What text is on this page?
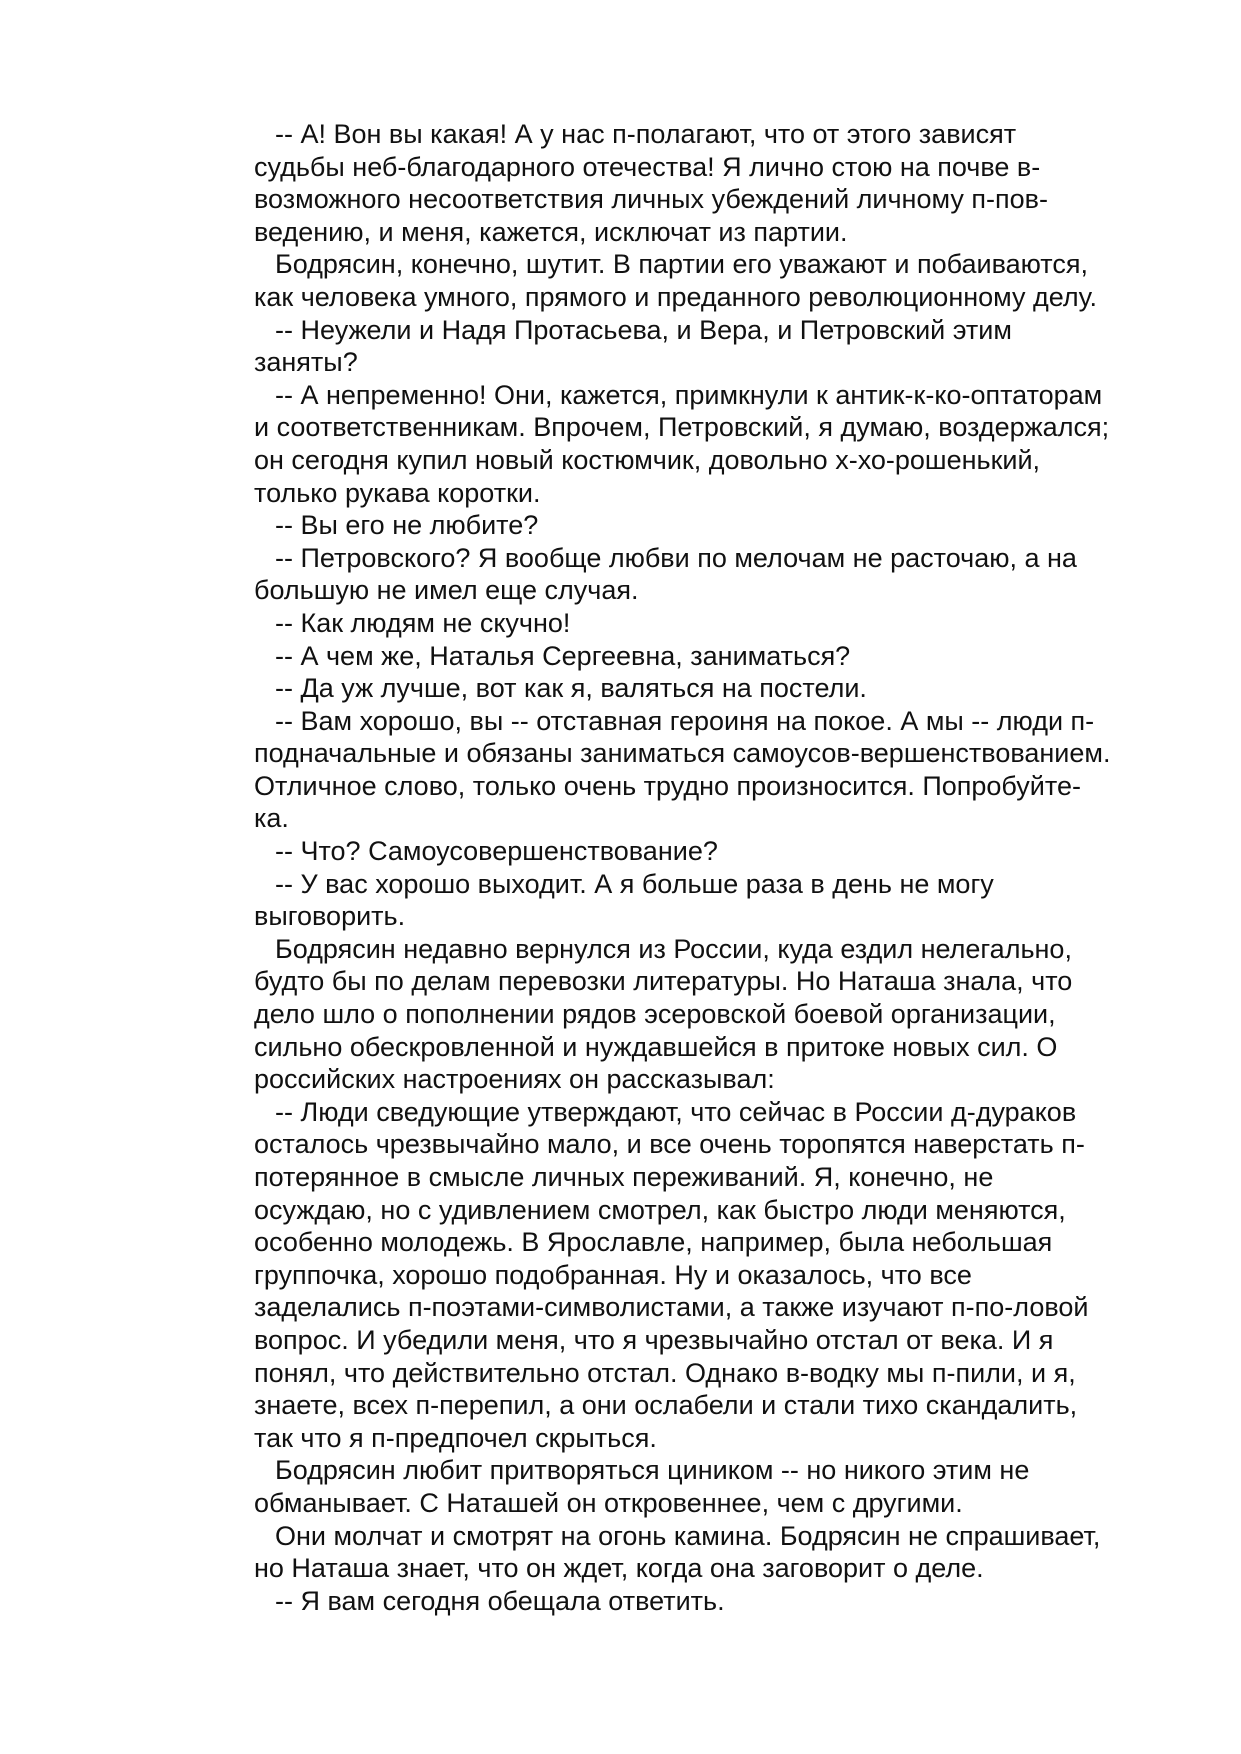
-- А! Вон вы какая! А у нас п-полагают, что от этого зависят
судьбы неб-благодарного отечества! Я лично стою на почве в-
возможного несоответствия личных убеждений личному п-пов-
ведению, и меня, кажется, исключат из партии.

Бодрясин, конечно, шутит. В партии его уважают и побаиваются,
как человека умного, прямого и преданного революционному делу.

-- Неужели и Надя Протасьева, и Вера, и Петровский этим
заняты?

-- А непременно! Они, кажется, примкнули к антик-к-ко-оптаторам
и соответственникам. Впрочем, Петровский, я думаю, воздержался;
он сегодня купил новый костюмчик, довольно х-хо-рошенький,
только рукава коротки.

-- Вы его не любите?

-- Петровского? Я вообще любви по мелочам не расточаю, а на
большую не имел еще случая.

-- Как людям не скучно!

-- А чем же, Наталья Сергеевна, заниматься?

-- Да уж лучше, вот как я, валяться на постели.

-- Вам хорошо, вы -- отставная героиня на покое. А мы -- люди п-
подначальные и обязаны заниматься самоусов-вершенствованием.
Отличное слово, только очень трудно произносится. Попробуйте-
ка.

-- Что? Самоусовершенствование?

-- У вас хорошо выходит. А я больше раза в день не могу
выговорить.

Бодрясин недавно вернулся из России, куда ездил нелегально,
будто бы по делам перевозки литературы. Но Наташа знала, что
дело шло о пополнении рядов эсеровской боевой организации,
сильно обескровленной и нуждавшейся в притоке новых сил. О
российских настроениях он рассказывал:

-- Люди сведующие утверждают, что сейчас в России д-дураков
осталось чрезвычайно мало, и все очень торопятся наверстать п-
потерянное в смысле личных переживаний. Я, конечно, не
осуждаю, но с удивлением смотрел, как быстро люди меняются,
особенно молодежь. В Ярославле, например, была небольшая
группочка, хорошо подобранная. Ну и оказалось, что все
заделались п-поэтами-символистами, а также изучают п-по-ловой
вопрос. И убедили меня, что я чрезвычайно отстал от века. И я
понял, что действительно отстал. Однако в-водку мы п-пили, и я,
знаете, всех п-перепил, а они ослабели и стали тихо скандалить,
так что я п-предпочел скрыться.

Бодрясин любит притворяться циником -- но никого этим не
обманывает. С Наташей он откровеннее, чем с другими.

Они молчат и смотрят на огонь камина. Бодрясин не спрашивает,
но Наташа знает, что он ждет, когда она заговорит о деле.

-- Я вам сегодня обещала ответить.
